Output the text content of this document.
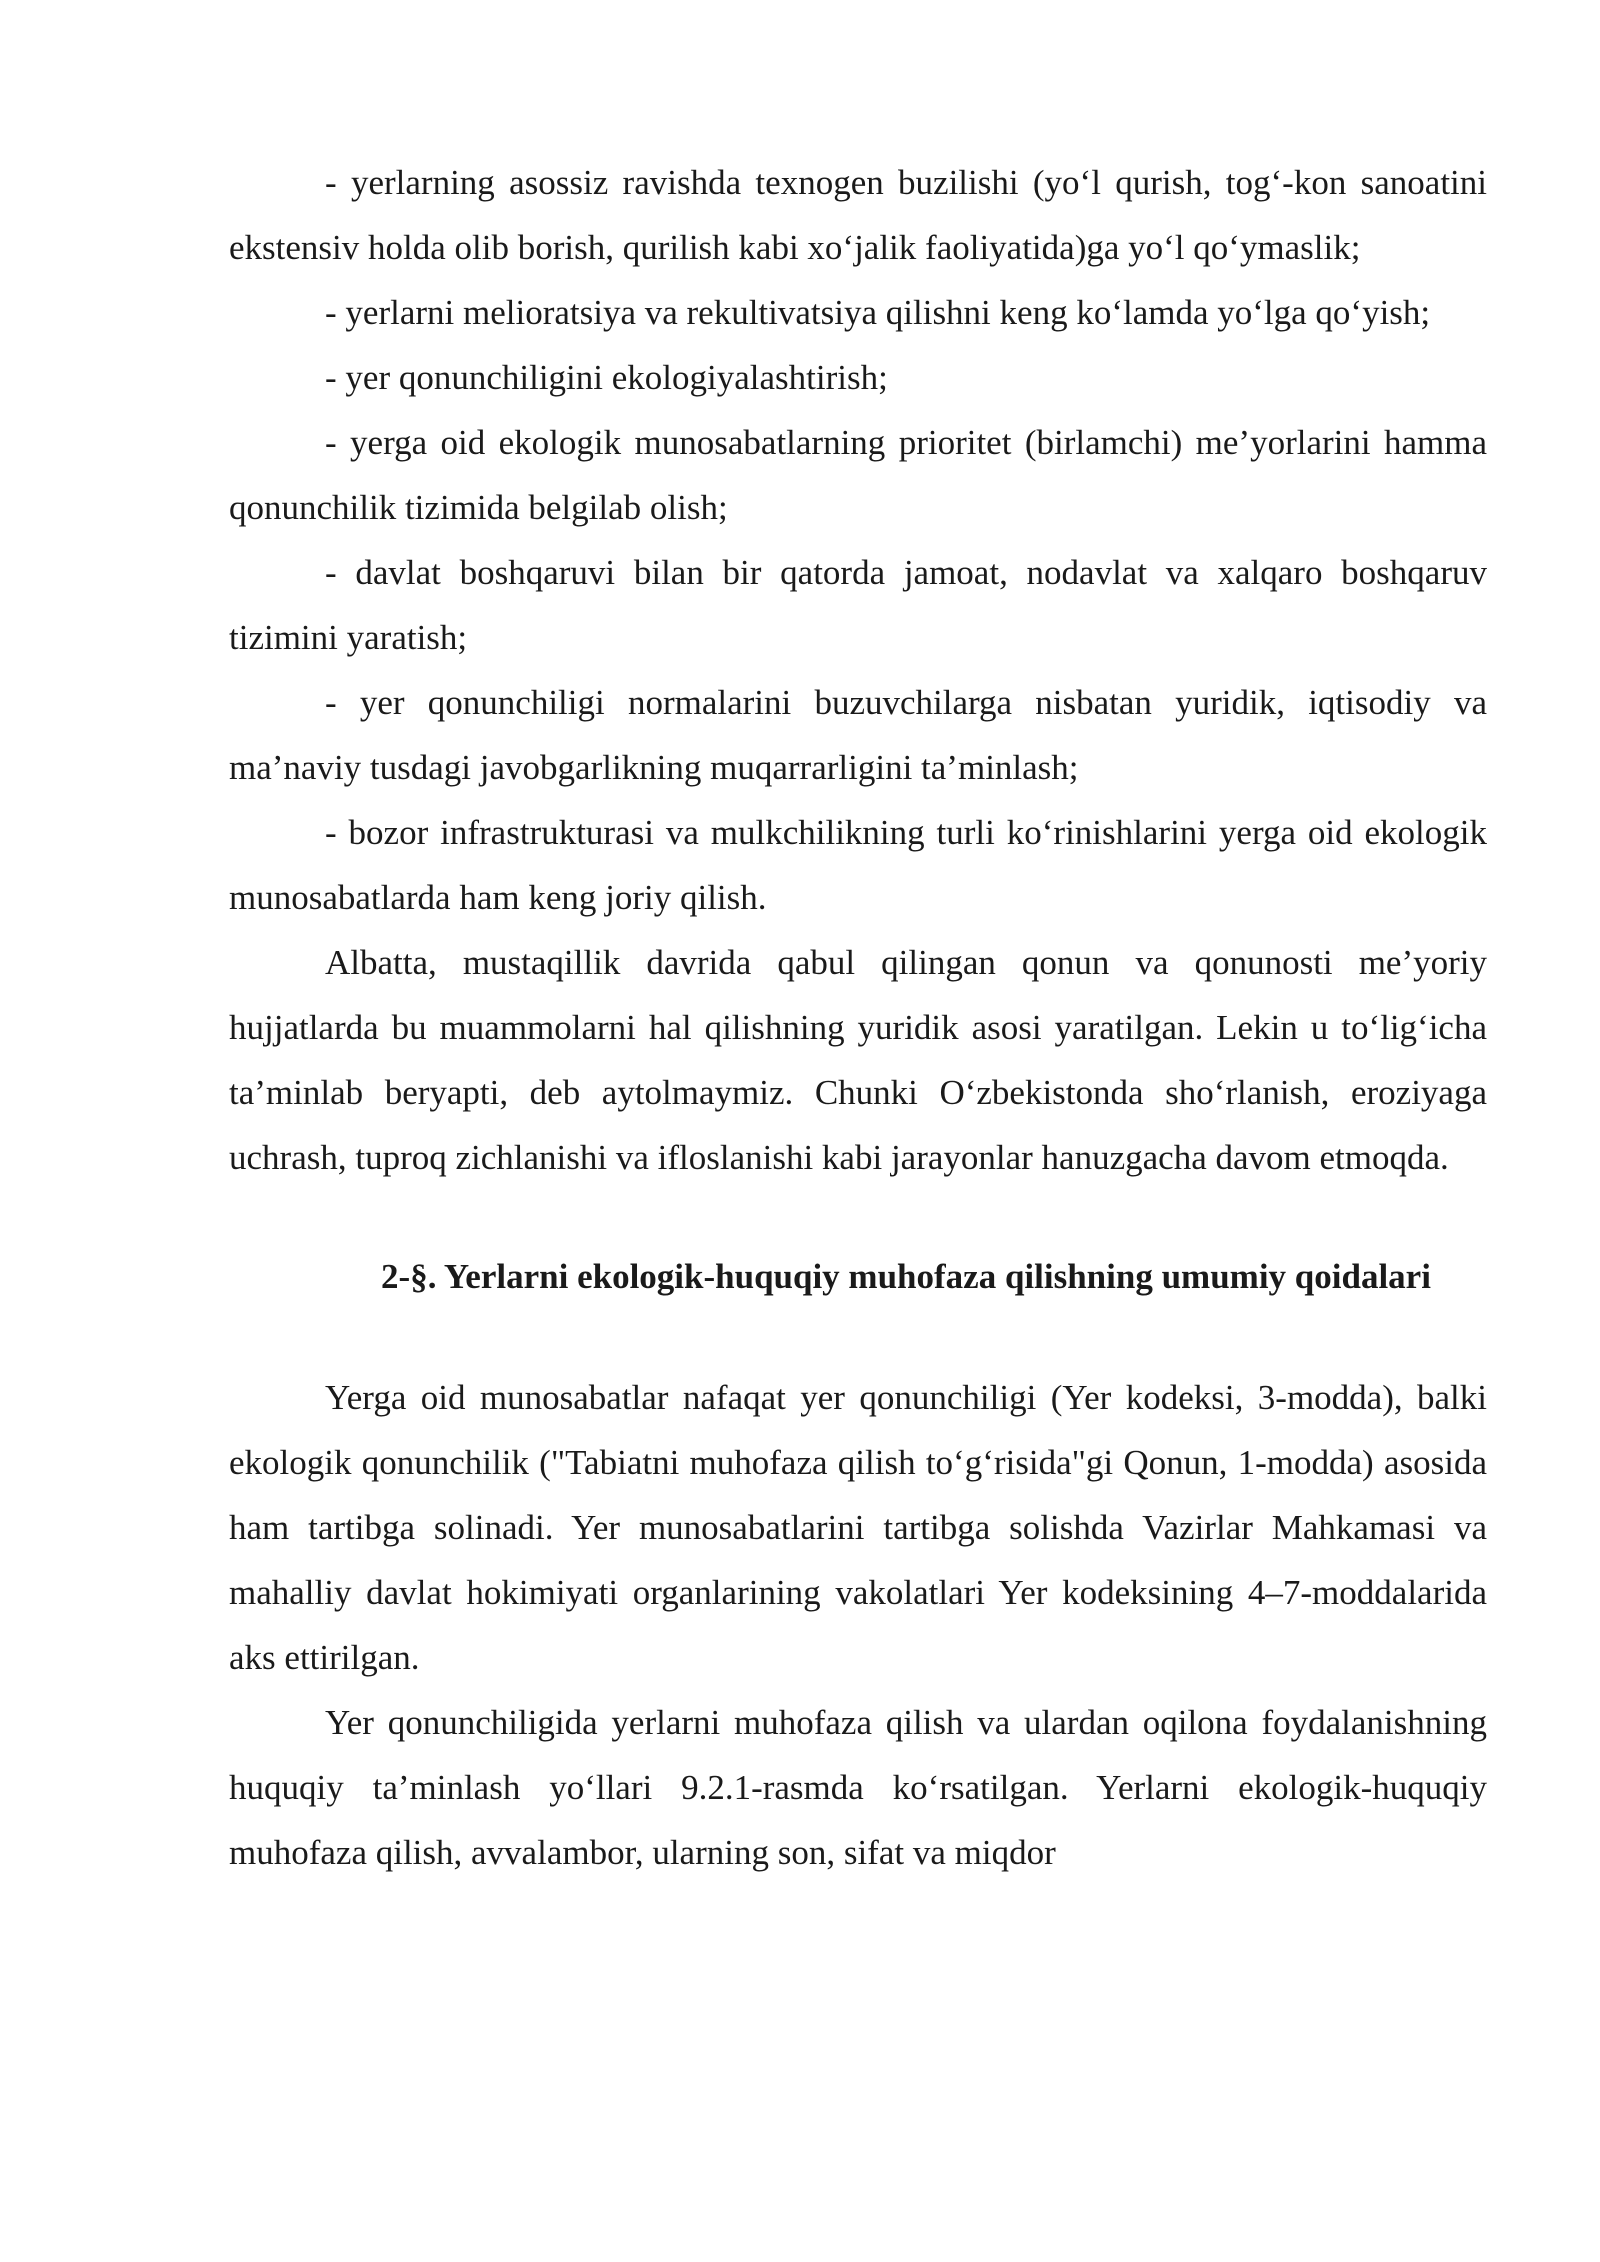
- yerlarning asossiz ravishda texnogen buzilishi (yo‘l qurish, tog‘-kon sanoatini ekstensiv holda olib borish, qurilish kabi xo‘jalik faoliyatida)ga yo‘l qo‘ymaslik;

- yerlarni melioratsiya va rekultivatsiya qilishni keng ko‘lamda yo‘lga qo‘yish;

- yer qonunchiligini ekologiyalashtirish;

- yerga oid ekologik munosabatlarning prioritet (birlamchi) me’yorlarini hamma qonunchilik tizimida belgilab olish;

- davlat boshqaruvi bilan bir qatorda jamoat, nodavlat va xalqaro boshqaruv tizimini yaratish;

- yer qonunchiligi normalarini buzuvchilarga nisbatan yuridik, iqtisodiy va ma’naviy tusdagi javobgarlikning muqarrarligini ta’minlash;

- bozor infrastrukturasi va mulkchilikning turli ko‘rinishlarini yerga oid ekologik munosabatlarda ham keng joriy qilish.

Albatta, mustaqillik davrida qabul qilingan qonun va qonunosti me’yoriy hujjatlarda bu muammolarni hal qilishning yuridik asosi yaratilgan. Lekin u to‘lig‘icha ta’minlab beryapti, deb aytolmaymiz. Chunki O‘zbekistonda sho‘rlanish, eroziyaga uchrash, tuproq zichlanishi va ifloslanishi kabi jarayonlar hanuzgacha davom etmoqda.

2-§. Yerlarni ekologik-huquqiy muhofaza qilishning umumiy qoidalari

Yerga oid munosabatlar nafaqat yer qonunchiligi (Yer kodeksi, 3-modda), balki ekologik qonunchilik ("Tabiatni muhofaza qilish to‘g‘risida"gi Qonun, 1-modda) asosida ham tartibga solinadi. Yer munosabatlarini tartibga solishda Vazirlar Mahkamasi va mahalliy davlat hokimiyati organlarining vakolatlari Yer kodeksining 4–7-moddalarida aks ettirilgan.

Yer qonunchiligida yerlarni muhofaza qilish va ulardan oqilona foydalanishning huquqiy ta’minlash yo‘llari 9.2.1-rasmda ko‘rsatilgan. Yerlarni ekologik-huquqiy muhofaza qilish, avvalambor, ularning son, sifat va miqdor
